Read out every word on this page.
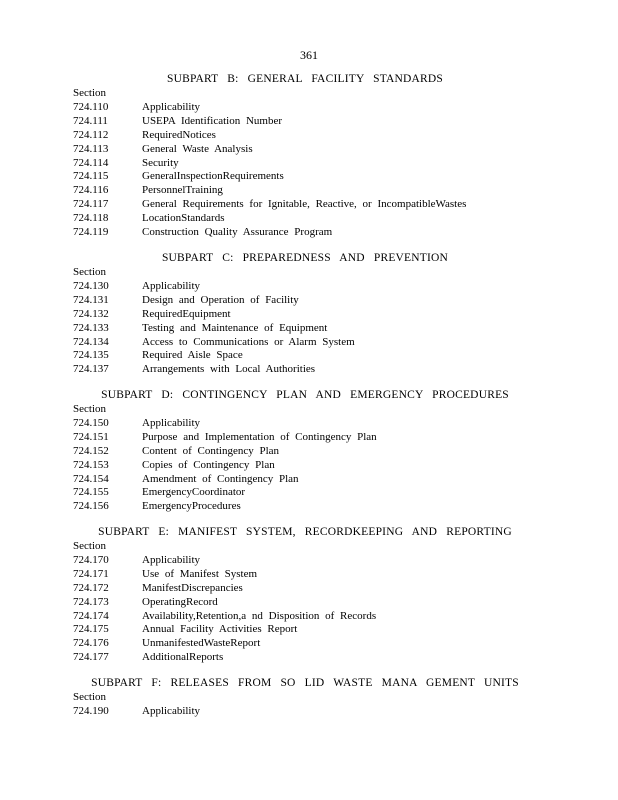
361
SUBPART B: GENERAL FACILITY STANDARDS
Section
724.110	Applicability
724.111	USEPA Identification Number
724.112	RequiredNotices
724.113	General Waste Analysis
724.114	Security
724.115	GeneralInspectionRequirements
724.116	PersonnelTraining
724.117	General Requirements for Ignitable, Reactive, or IncompatibleWastes
724.118	LocationStandards
724.119	Construction Quality Assurance Program
SUBPART C: PREPAREDNESS AND PREVENTION
Section
724.130	Applicability
724.131	Design and Operation of Facility
724.132	RequiredEquipment
724.133	Testing and Maintenance of Equipment
724.134	Access to Communications or Alarm System
724.135	Required Aisle Space
724.137	Arrangements with Local Authorities
SUBPART D: CONTINGENCY PLAN AND EMERGENCY PROCEDURES
Section
724.150	Applicability
724.151	Purpose and Implementation of Contingency Plan
724.152	Content of Contingency Plan
724.153	Copies of Contingency Plan
724.154	Amendment of Contingency Plan
724.155	EmergencyCoordinator
724.156	EmergencyProcedures
SUBPART E: MANIFEST SYSTEM, RECORDKEEPING AND REPORTING
Section
724.170	Applicability
724.171	Use of Manifest System
724.172	ManifestDiscrepancies
724.173	OperatingRecord
724.174	Availability,Retention,a nd Disposition of Records
724.175	Annual Facility Activities Report
724.176	UnmanifestedWasteReport
724.177	AdditionalReports
SUBPART F: RELEASES FROM SO LID WASTE MANA GEMENT UNITS
Section
724.190	Applicability
